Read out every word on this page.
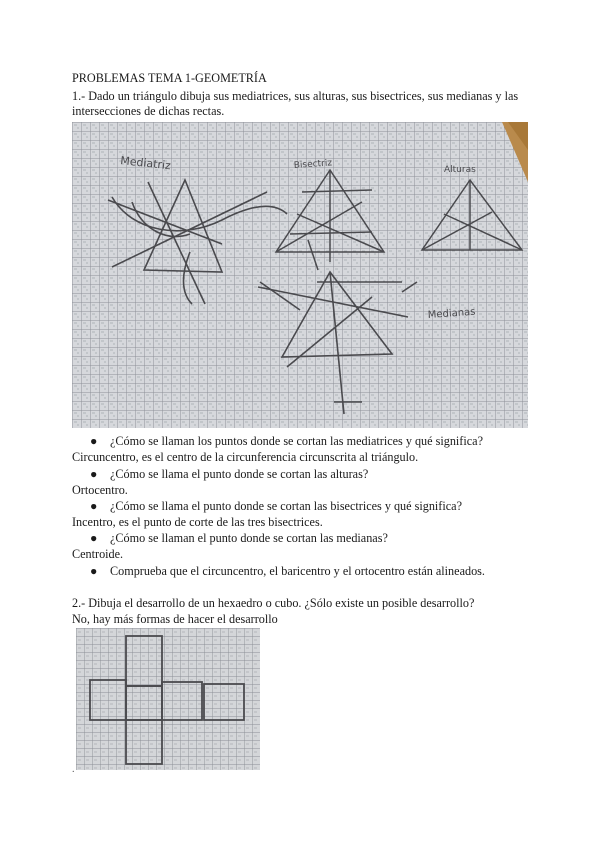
PROBLEMAS TEMA 1-GEOMETRÍA
1.- Dado un triángulo dibuja sus mediatrices, sus alturas, sus bisectrices, sus medianas y las
intersecciones de dichas rectas.
Mediatriz	Bisectriz	Alturas
Medianas
● ¿Cómo se llaman los puntos donde se cortan las mediatrices y qué significa?
Circuncentro, es el centro de la circunferencia circunscrita al triángulo.
● ¿Cómo se llama el punto donde se cortan las alturas?
Ortocentro.
● ¿Cómo se llama el punto donde se cortan las bisectrices y qué significa?
Incentro, es el punto de corte de las tres bisectrices.
● ¿Cómo se llaman el punto donde se cortan las medianas?
Centroide.
● Comprueba que el circuncentro, el baricentro y el ortocentro están alineados.
2.- Dibuja el desarrollo de un hexaedro o cubo. ¿Sólo existe un posible desarrollo?
No, hay más formas de hacer el desarrollo
.
